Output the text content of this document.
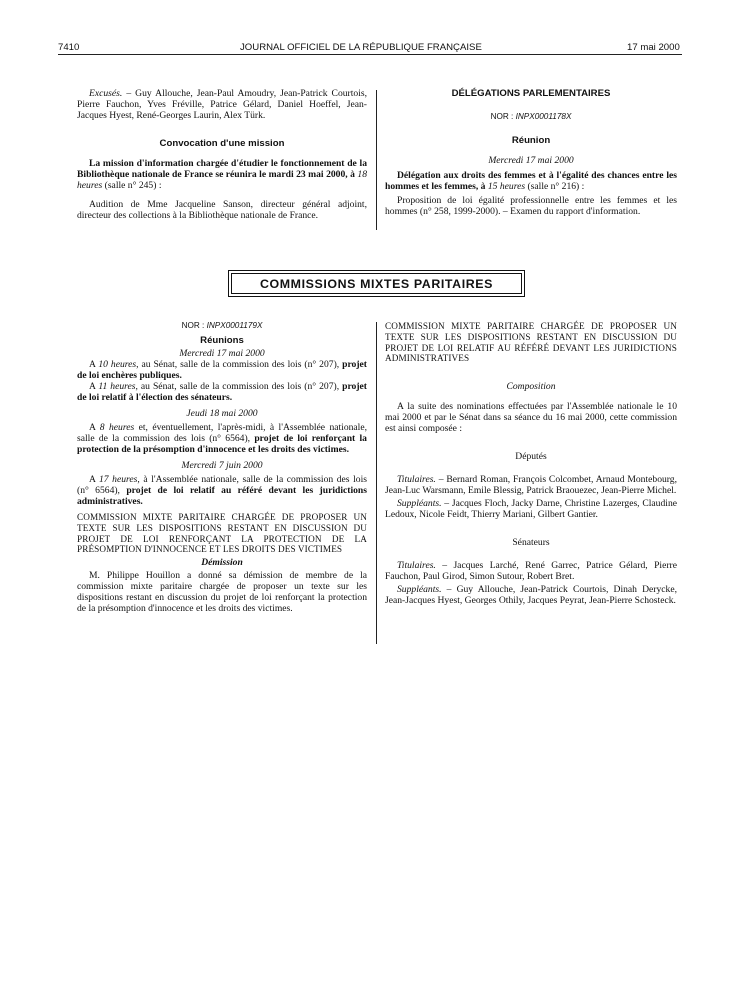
7410	JOURNAL OFFICIEL DE LA RÉPUBLIQUE FRANÇAISE	17 mai 2000

Excusés. – Guy Allouche, Jean-Paul Amoudry, Jean-Patrick Courtois, Pierre Fauchon, Yves Fréville, Patrice Gélard, Daniel Hoeffel, Jean-Jacques Hyest, René-Georges Laurin, Alex Türk.

Convocation d'une mission

La mission d'information chargée d'étudier le fonctionnement de la Bibliothèque nationale de France se réunira le mardi 23 mai 2000, à 18 heures (salle n° 245) :

Audition de Mme Jacqueline Sanson, directeur général adjoint, directeur des collections à la Bibliothèque nationale de France.

DÉLÉGATIONS PARLEMENTAIRES

NOR : INPX0001178X

Réunion

Mercredi 17 mai 2000

Délégation aux droits des femmes et à l'égalité des chances entre les hommes et les femmes, à 15 heures (salle n° 216) :

Proposition de loi égalité professionnelle entre les femmes et les hommes (n° 258, 1999-2000). – Examen du rapport d'information.

COMMISSIONS MIXTES PARITAIRES

NOR : INPX0001179X

Réunions

Mercredi 17 mai 2000

A 10 heures, au Sénat, salle de la commission des lois (n° 207), projet de loi enchères publiques.

A 11 heures, au Sénat, salle de la commission des lois (n° 207), projet de loi relatif à l'élection des sénateurs.

Jeudi 18 mai 2000

A 8 heures et, éventuellement, l'après-midi, à l'Assemblée nationale, salle de la commission des lois (n° 6564), projet de loi renforçant la protection de la présomption d'innocence et les droits des victimes.

Mercredi 7 juin 2000

A 17 heures, à l'Assemblée nationale, salle de la commission des lois (n° 6564), projet de loi relatif au référé devant les juridictions administratives.

COMMISSION MIXTE PARITAIRE CHARGÉE DE PROPOSER UN TEXTE SUR LES DISPOSITIONS RESTANT EN DISCUSSION DU PROJET DE LOI RENFORÇANT LA PROTECTION DE LA PRÉSOMPTION D'INNOCENCE ET LES DROITS DES VICTIMES

Démission

M. Philippe Houillon a donné sa démission de membre de la commission mixte paritaire chargée de proposer un texte sur les dispositions restant en discussion du projet de loi renforçant la protection de la présomption d'innocence et les droits des victimes.

COMMISSION MIXTE PARITAIRE CHARGÉE DE PROPOSER UN TEXTE SUR LES DISPOSITIONS RESTANT EN DISCUSSION DU PROJET DE LOI RELATIF AU RÉFÉRÉ DEVANT LES JURIDICTIONS ADMINISTRATIVES

Composition

A la suite des nominations effectuées par l'Assemblée nationale le 10 mai 2000 et par le Sénat dans sa séance du 16 mai 2000, cette commission est ainsi composée :

Députés

Titulaires. – Bernard Roman, François Colcombet, Arnaud Montebourg, Jean-Luc Warsmann, Emile Blessig, Patrick Braouezec, Jean-Pierre Michel.

Suppléants. – Jacques Floch, Jacky Darne, Christine Lazerges, Claudine Ledoux, Nicole Feidt, Thierry Mariani, Gilbert Gantier.

Sénateurs

Titulaires. – Jacques Larché, René Garrec, Patrice Gélard, Pierre Fauchon, Paul Girod, Simon Sutour, Robert Bret.

Suppléants. – Guy Allouche, Jean-Patrick Courtois, Dinah Derycke, Jean-Jacques Hyest, Georges Othily, Jacques Peyrat, Jean-Pierre Schosteck.
